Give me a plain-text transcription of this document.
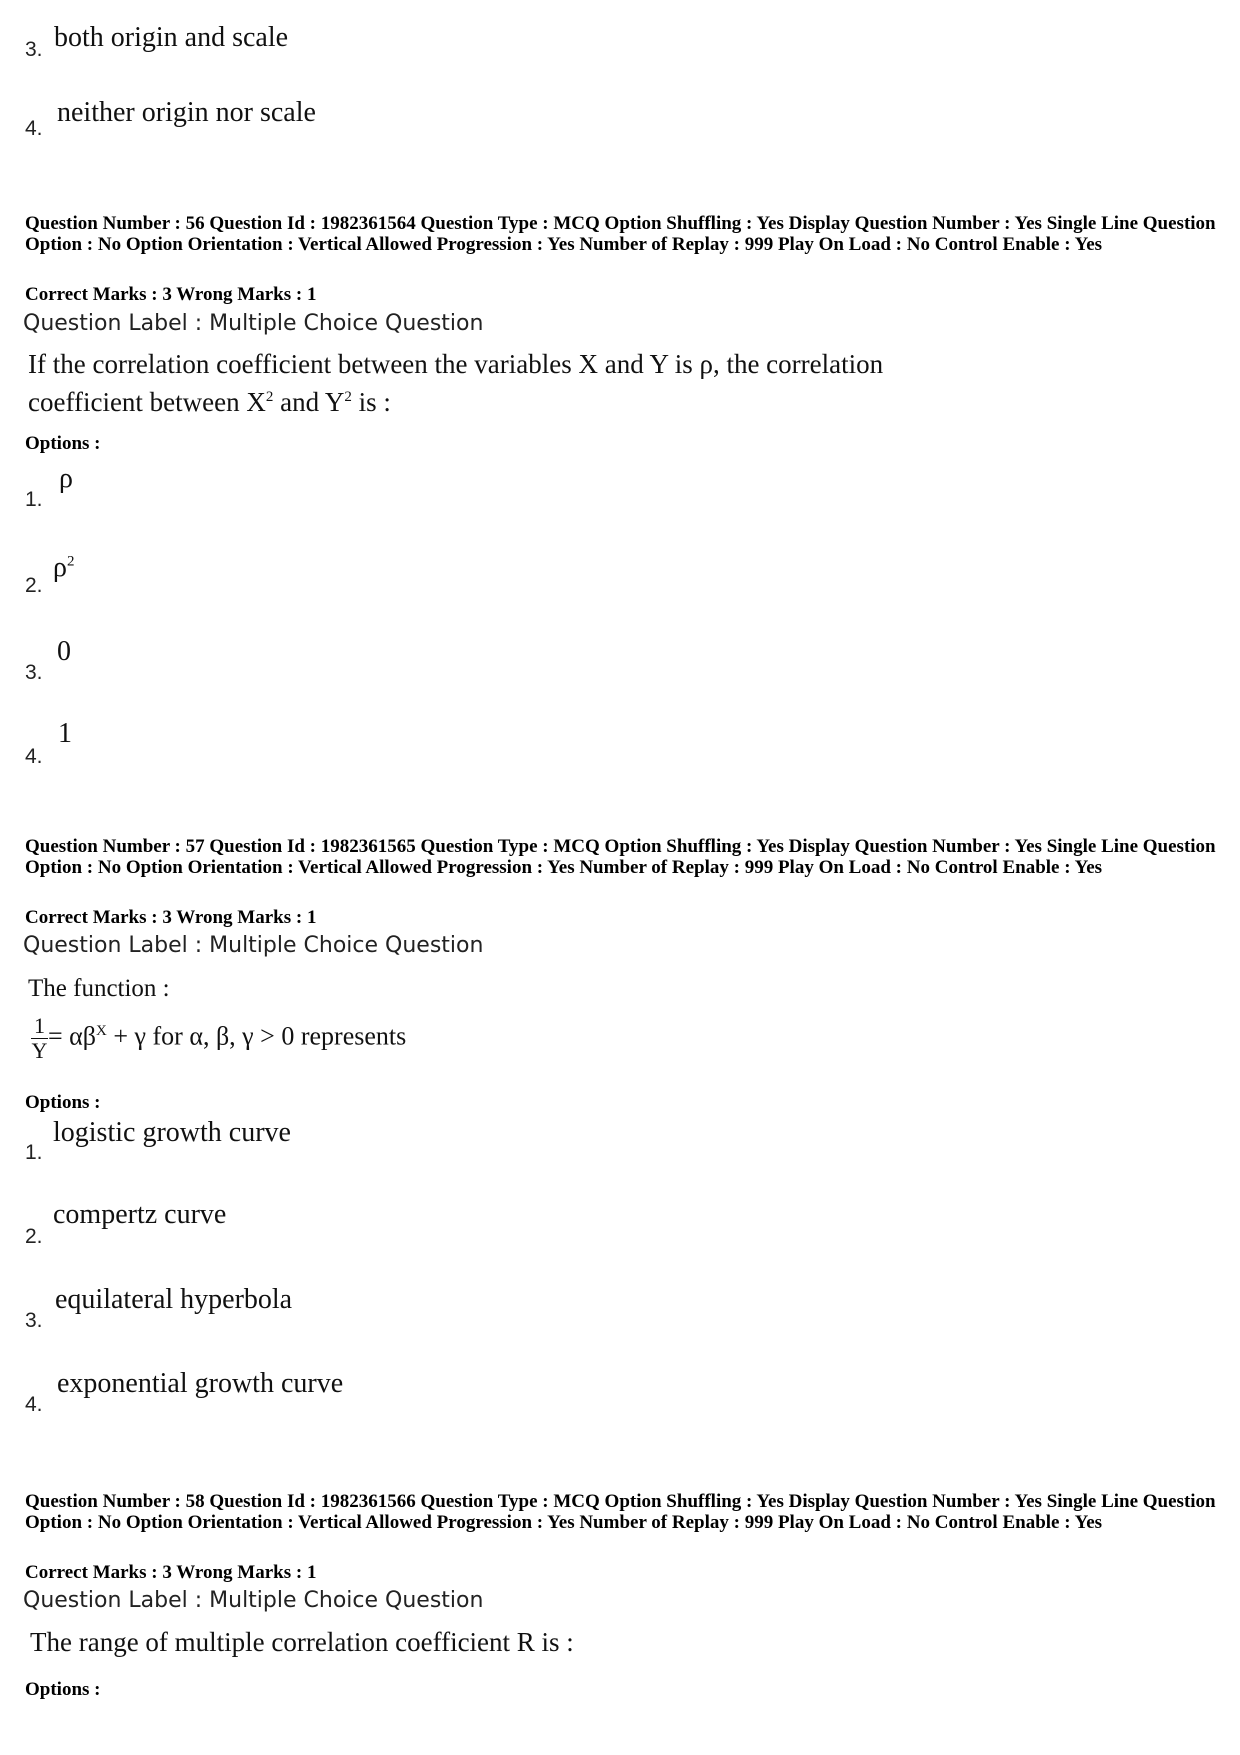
3. both origin and scale
4.
neither origin nor scale
Question Number : 56 Question Id : 1982361564 Question Type : MCQ Option Shuffling : Yes Display Question Number : Yes Single Line Question Option : No Option Orientation : Vertical Allowed Progression : Yes Number of Replay : 999 Play On Load : No Control Enable : Yes
Correct Marks : 3 Wrong Marks : 1
Question Label : Multiple Choice Question
If the correlation coefficient between the variables X and Y is ρ, the correlation
coefficient between $X^2$ and $Y^2$ is :
Options :
1.
ρ
2.
$\rho^2$
3.
0
4.
1
Question Number : 57 Question Id : 1982361565 Question Type : MCQ Option Shuffling : Yes Display Question Number : Yes Single Line Question Option : No Option Orientation : Vertical Allowed Progression : Yes Number of Replay : 999 Play On Load : No Control Enable : Yes
Correct Marks : 3 Wrong Marks : 1
Question Label : Multiple Choice Question
The function :
$\frac{1}{Y} = \alpha\beta^X + \gamma$ for α, β, γ > 0 represents
Options :
1.
logistic growth curve
2.
compertz curve
3.
equilateral hyperbola
4.
exponential growth curve
Question Number : 58 Question Id : 1982361566 Question Type : MCQ Option Shuffling : Yes Display Question Number : Yes Single Line Question Option : No Option Orientation : Vertical Allowed Progression : Yes Number of Replay : 999 Play On Load : No Control Enable : Yes
Correct Marks : 3 Wrong Marks : 1
Question Label : Multiple Choice Question
The range of multiple correlation coefficient R is :
Options :
